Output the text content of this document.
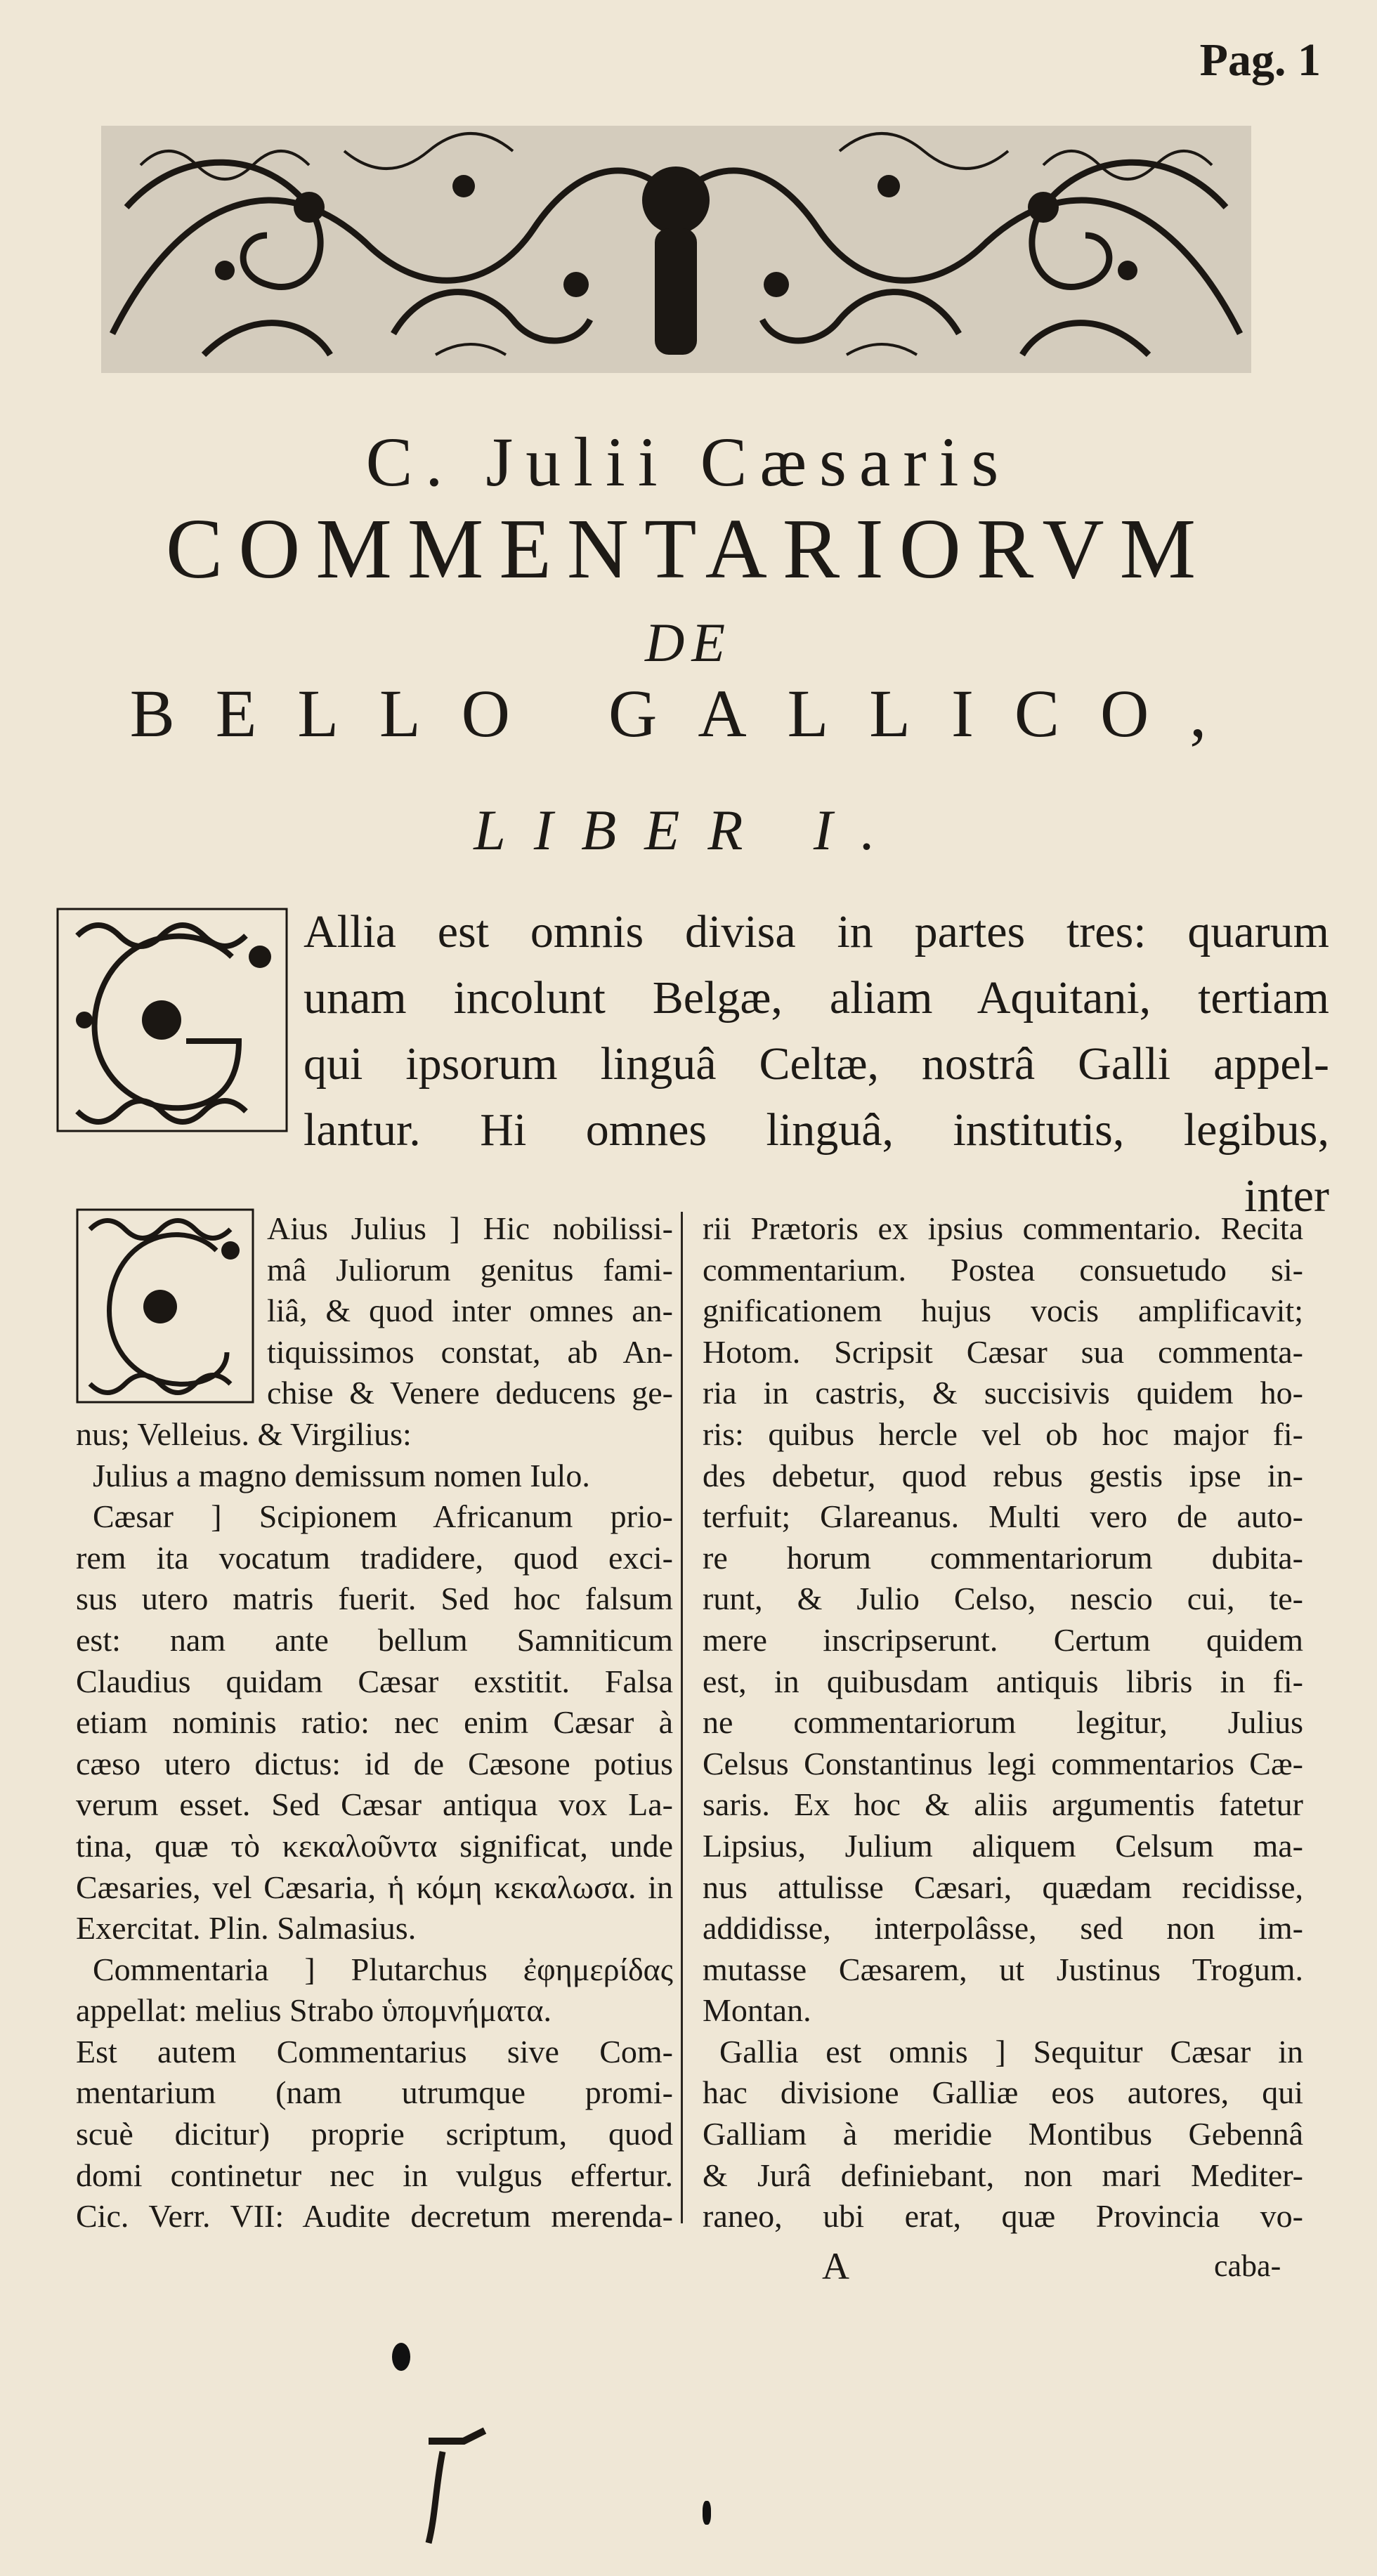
Pag. 1
C. Julii Cæsaris
COMMENTARIORVM
DE
BELLO GALLICO,
LIBER I.
Allia est omnis divisa in partes tres: quarum
unam incolunt Belgæ, aliam Aquitani, tertiam
qui ipsorum linguâ Celtæ, nostrâ Galli appel-
lantur. Hi omnes linguâ, institutis, legibus,
inter
Aius Julius ] Hic nobilissi-
mâ Juliorum genitus fami-
liâ, & quod inter omnes an-
tiquissimos constat, ab An-
chise & Venere deducens ge-
nus; Velleius. & Virgilius:
Julius a magno demissum nomen Iulo.
Cæsar ] Scipionem Africanum prio-
rem ita vocatum tradidere, quod exci-
sus utero matris fuerit. Sed hoc falsum
est: nam ante bellum Samniticum
Claudius quidam Cæsar exstitit. Falsa
etiam nominis ratio: nec enim Cæsar à
cæso utero dictus: id de Cæsone potius
verum esset. Sed Cæsar antiqua vox La-
tina, quæ τὸ κεκαλοῦντα significat, unde
Cæsaries, vel Cæsaria, ἡ κόμη κεκαλωσα. in
Exercitat. Plin. Salmasius.
Commentaria ] Plutarchus ἐφημερίδας
appellat: melius Strabo ὑπομνήματα.
Est autem Commentarius sive Com-
mentarium (nam utrumque promi-
scuè dicitur) proprie scriptum, quod
domi continetur nec in vulgus effertur.
Cic. Verr. VII: Audite decretum merenda-
rii Prætoris ex ipsius commentario. Recita
commentarium. Postea consuetudo si-
gnificationem hujus vocis amplificavit;
Hotom. Scripsit Cæsar sua commenta-
ria in castris, & succisivis quidem ho-
ris: quibus hercle vel ob hoc major fi-
des debetur, quod rebus gestis ipse in-
terfuit; Glareanus. Multi vero de auto-
re horum commentariorum dubita-
runt, & Julio Celso, nescio cui, te-
mere inscripserunt. Certum quidem
est, in quibusdam antiquis libris in fi-
ne commentariorum legitur, Julius
Celsus Constantinus legi commentarios Cæ-
saris. Ex hoc & aliis argumentis fatetur
Lipsius, Julium aliquem Celsum ma-
nus attulisse Cæsari, quædam recidisse,
addidisse, interpolâsse, sed non im-
mutasse Cæsarem, ut Justinus Trogum.
Montan.
Gallia est omnis ] Sequitur Cæsar in
hac divisione Galliæ eos autores, qui
Galliam à meridie Montibus Gebennâ
& Jurâ definiebant, non mari Mediter-
raneo, ubi erat, quæ Provincia vo-
A	caba-
